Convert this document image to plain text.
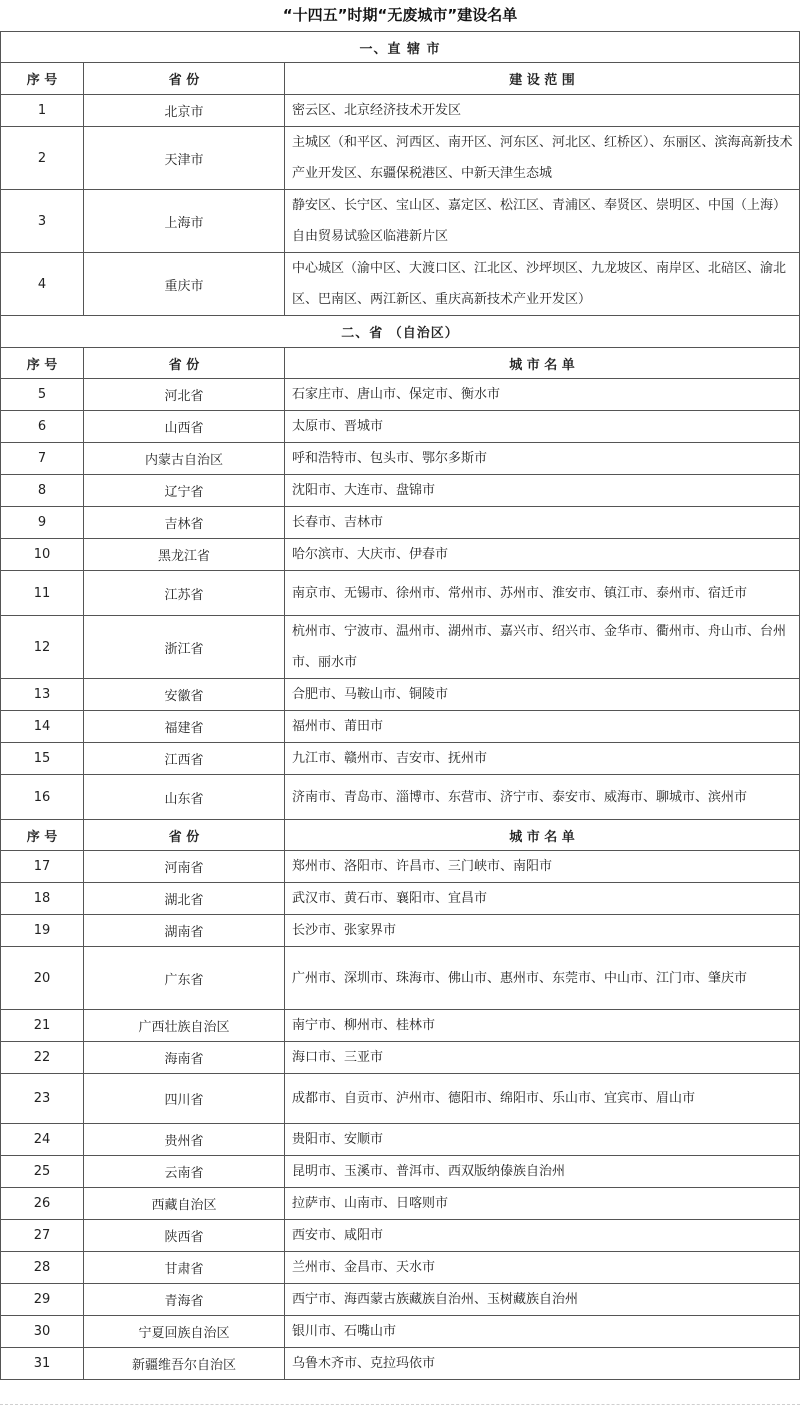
“十四五”时期“无废城市”建设名单
一、直 辖 市		
序 号	省 份	建 设 范 围
1	北京市	密云区、北京经济技术开发区
2	天津市	主城区（和平区、河西区、南开区、河东区、河北区、红桥区）、东丽区、滨海高新技术产业开发区、东疆保税港区、中新天津生态城
3	上海市	静安区、长宁区、宝山区、嘉定区、松江区、青浦区、奉贤区、崇明区、中国（上海）自由贸易试验区临港新片区
4	重庆市	中心城区（渝中区、大渡口区、江北区、沙坪坝区、九龙坡区、南岸区、北碚区、渝北区、巴南区、两江新区、重庆高新技术产业开发区）
二、省 （自治区）		
序 号	省 份	城 市 名 单
5	河北省	石家庄市、唐山市、保定市、衡水市
6	山西省	太原市、晋城市
7	内蒙古自治区	呼和浩特市、包头市、鄂尔多斯市
8	辽宁省	沈阳市、大连市、盘锦市
9	吉林省	长春市、吉林市
10	黑龙江省	哈尔滨市、大庆市、伊春市
11	江苏省	南京市、无锡市、徐州市、常州市、苏州市、淮安市、镇江市、泰州市、宿迁市
12	浙江省	杭州市、宁波市、温州市、湖州市、嘉兴市、绍兴市、金华市、衢州市、舟山市、台州市、丽水市
13	安徽省	合肥市、马鞍山市、铜陵市
14	福建省	福州市、莆田市
15	江西省	九江市、赣州市、吉安市、抚州市
16	山东省	济南市、青岛市、淄博市、东营市、济宁市、泰安市、威海市、聊城市、滨州市
序 号	省 份	城 市 名 单
17	河南省	郑州市、洛阳市、许昌市、三门峡市、南阳市
18	湖北省	武汉市、黄石市、襄阳市、宜昌市
19	湖南省	长沙市、张家界市
20	广东省	广州市、深圳市、珠海市、佛山市、惠州市、东莞市、中山市、江门市、肇庆市
21	广西壮族自治区	南宁市、柳州市、桂林市
22	海南省	海口市、三亚市
23	四川省	成都市、自贡市、泸州市、德阳市、绵阳市、乐山市、宜宾市、眉山市
24	贵州省	贵阳市、安顺市
25	云南省	昆明市、玉溪市、普洱市、西双版纳傣族自治州
26	西藏自治区	拉萨市、山南市、日喀则市
27	陕西省	西安市、咸阳市
28	甘肃省	兰州市、金昌市、天水市
29	青海省	西宁市、海西蒙古族藏族自治州、玉树藏族自治州
30	宁夏回族自治区	银川市、石嘴山市
31	新疆维吾尔自治区	乌鲁木齐市、克拉玛依市
